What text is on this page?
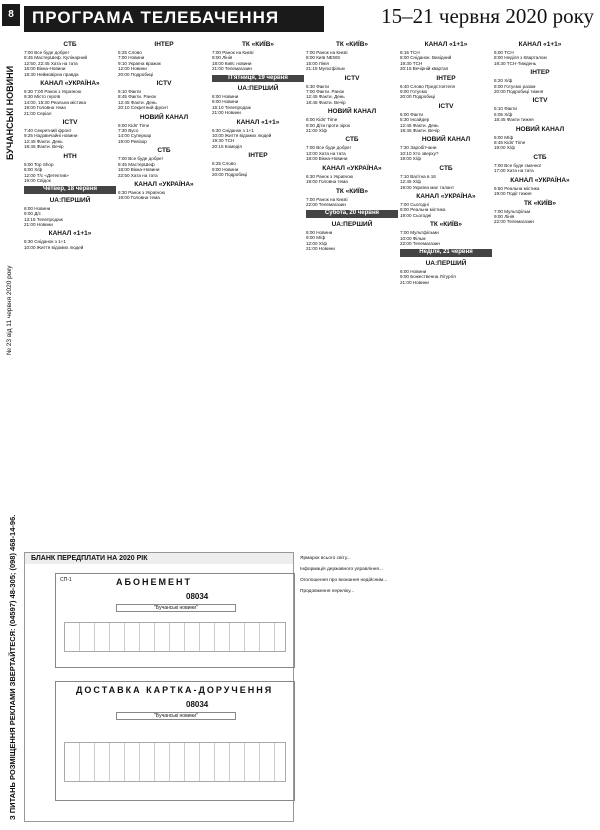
8
БУЧАНСЬКІ НОВИНИ
№ 23 від 11 червня 2020 року
З ПИТАНЬ РОЗМІЩЕННЯ РЕКЛАМИ ЗВЕРТАЙТЕСЯ: (04597) 48-305; (098) 468-14-96.
ПРОГРАМА ТЕЛЕБАЧЕННЯ	15–21 червня 2020 року
СТБ
7:00 Все буде добре!
8:45 МастерШеф. Кулінарний
12:50, 22:45 Хата на тата
18:00 Вікна-Новини
18:30 Неймовірна правда
КАНАЛ «УКРАЇНА»
6:30 7:00 Ранок з Україною
9:30 Місто героїв
14:00, 15:30 Реальна містика
19:00 Головна тема
21:00 Серіал
ICTV
7:40 Секретний фронт
9:25 Надзвичайні новини
12:45 Факти. День
18:45 Факти. Вечір
НТН
5:00 Top Shop
6:00 Х/ф
12:00 Т/с «Детектив»
19:00 Свідок
Четвер, 18 червня
UA:ПЕРШИЙ
6:00 Новини
9:00 Д/с
13:15 Телепродаж
21:00 Новини
КАНАЛ «1+1»
6:30 Сніданок з 1+1
10:00 Життя відомих людей
ІНТЕР
5:25 Слово
7:00 Новини
9:10 Україна вражає
12:00 Новини
20:00 Подробиці
ICTV
6:10 Факти
8:45 Факти. Ранок
12:45 Факти. День
20:10 Секретний фронт
НОВИЙ КАНАЛ
6:00 Kids' Time
7:30 Вусо
14:00 Суперкар
19:00 Ревізор
СТБ
7:00 Все буде добре!
8:45 МастерШеф
18:00 Вікна-Новини
22:50 Хата на тата
КАНАЛ «УКРАЇНА»
6:30 Ранок з Україною
19:00 Головна тема
ТК «КИЇВ»
7:00 Ранок на Києві
9:00 Лінія
18:00 Київ: новини
21:00 Телемагазин
П'ятниця, 19 червня
UA:ПЕРШИЙ
6:00 Новини
9:00 Новини
15:10 Телепродаж
21:00 Новини
КАНАЛ «1+1»
6:30 Сніданок з 1+1
10:00 Життя відомих людей
19:30 ТСН
20:15 Комедія
ІНТЕР
5:25 Слово
9:00 Новини
20:00 Подробиці
ТК «КИЇВ»
7:00 Ранок на Києві
8:00 Київ NEWS
15:00 Лінія
21:15 Мультфільм
ICTV
5:30 Факти
7:00 Факти. Ранок
12:45 Факти. День
18:45 Факти. Вечір
НОВИЙ КАНАЛ
6:00 Kids' Time
8:00 Діти проти зірок
21:00 Х/ф
СТБ
7:00 Все буде добре!
13:00 Хата на тата
18:00 Вікна-Новини
КАНАЛ «УКРАЇНА»
6:30 Ранок з Україною
19:00 Головна тема
ТК «КИЇВ»
7:00 Ранок на Києві
22:00 Телемагазин
Субота, 20 червня
UA:ПЕРШИЙ
6:00 Новини
9:00 М/ф
12:00 Х/ф
21:00 Новини
КАНАЛ «1+1»
6:15 ТСН
8:00 Сніданок. Вихідний
19:30 ТСН
20:15 Вечірній квартал
ІНТЕР
6:40 Слово Предстоятеля
9:00 Готуємо
20:00 Подробиці
ICTV
5:00 Факти
5:30 Інсайдер
12:45 Факти. День
18:45 Факти. Вечір
НОВИЙ КАНАЛ
7:30 Заробітчани
10:10 Хто зверху?
19:00 Х/ф
СТБ
7:10 Вагітна в 16
12:45 Х/ф
19:00 Україна має талант
КАНАЛ «УКРАЇНА»
7:00 Сьогодні
9:00 Реальна містика
19:00 Сьогодні
ТК «КИЇВ»
7:00 Мультфільми
10:00 Фільм
22:00 Телемагазин
Неділя, 21 червня
UA:ПЕРШИЙ
6:00 Новини
9:00 Божественна Літургія
21:00 Новини
КАНАЛ «1+1»
6:00 ТСН
8:00 Неділя з Кварталом
19:30 ТСН-Тиждень
ІНТЕР
5:20 Х/ф
8:00 Готуємо разом
20:00 Подробиці тижня
ICTV
5:10 Факти
6:05 Х/ф
18:45 Факти тижня
НОВИЙ КАНАЛ
6:00 М/ф
8:45 Kids' Time
19:00 Х/ф
СТБ
7:00 Все буде смачно!
17:00 Хата на тата
КАНАЛ «УКРАЇНА»
6:50 Реальна містика
19:00 Події тижня
ТК «КИЇВ»
7:00 Мультфільм
9:00 Лінія
22:00 Телемагазин
БЛАНК ПЕРЕДПЛАТИ НА 2020 РІК
СП-1	АБОНЕМЕНТ
08034
"Бучанські новини"
ДОСТАВКА КАРТКА-ДОРУЧЕННЯ
08034
"Бучанські новини"

Ярмарок всього світу...

Інформація державного управління...

Оголошення про визнання недійсним...

Продовження переліку...
